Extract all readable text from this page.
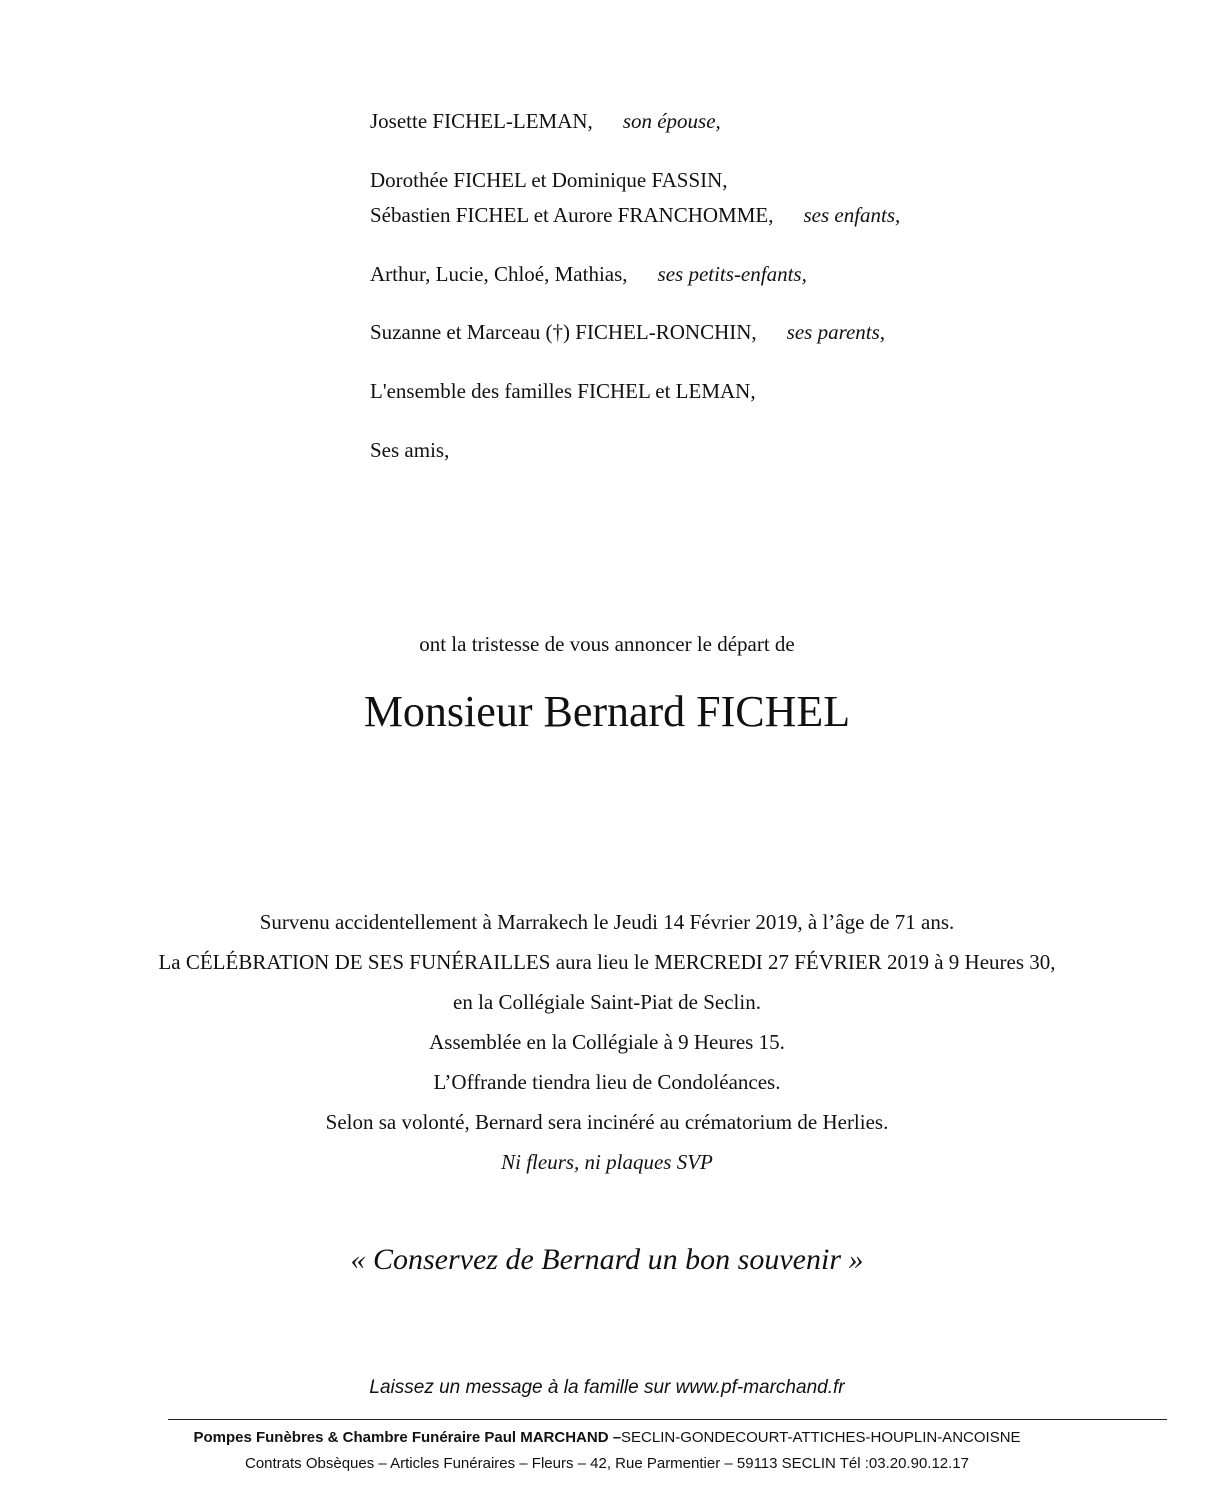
Josette FICHEL-LEMAN, son épouse,
Dorothée FICHEL et Dominique FASSIN,
Sébastien FICHEL et Aurore FRANCHOMME, ses enfants,
Arthur, Lucie, Chloé, Mathias, ses petits-enfants,
Suzanne et Marceau (†) FICHEL-RONCHIN, ses parents,
L'ensemble des familles FICHEL et LEMAN,
Ses amis,
ont la tristesse de vous annoncer le départ de
Monsieur Bernard FICHEL
Survenu accidentellement à Marrakech le Jeudi 14 Février 2019, à l’âge de 71 ans.
La CÉLÉBRATION DE SES FUNÉRAILLES aura lieu le MERCREDI 27 FÉVRIER 2019 à 9 Heures 30,
en la Collégiale Saint-Piat de Seclin.
Assemblée en la Collégiale à 9 Heures 15.
L’Offrande tiendra lieu de Condoléances.
Selon sa volonté, Bernard sera inciné​ré au crématorium de Herlies.
Ni fleurs, ni plaques SVP
« Conservez de Bernard un bon souvenir »
Laissez un message à la famille sur www.pf-marchand.fr
Pompes Funèbres & Chambre Funéraire Paul MARCHAND –SECLIN-GONDECOURT-ATTICHES-HOUPLIN-ANCOISNE
Contrats Obsèques – Articles Funéraires – Fleurs – 42, Rue Parmentier – 59113 SECLIN Tél :03.20.90.12.17
